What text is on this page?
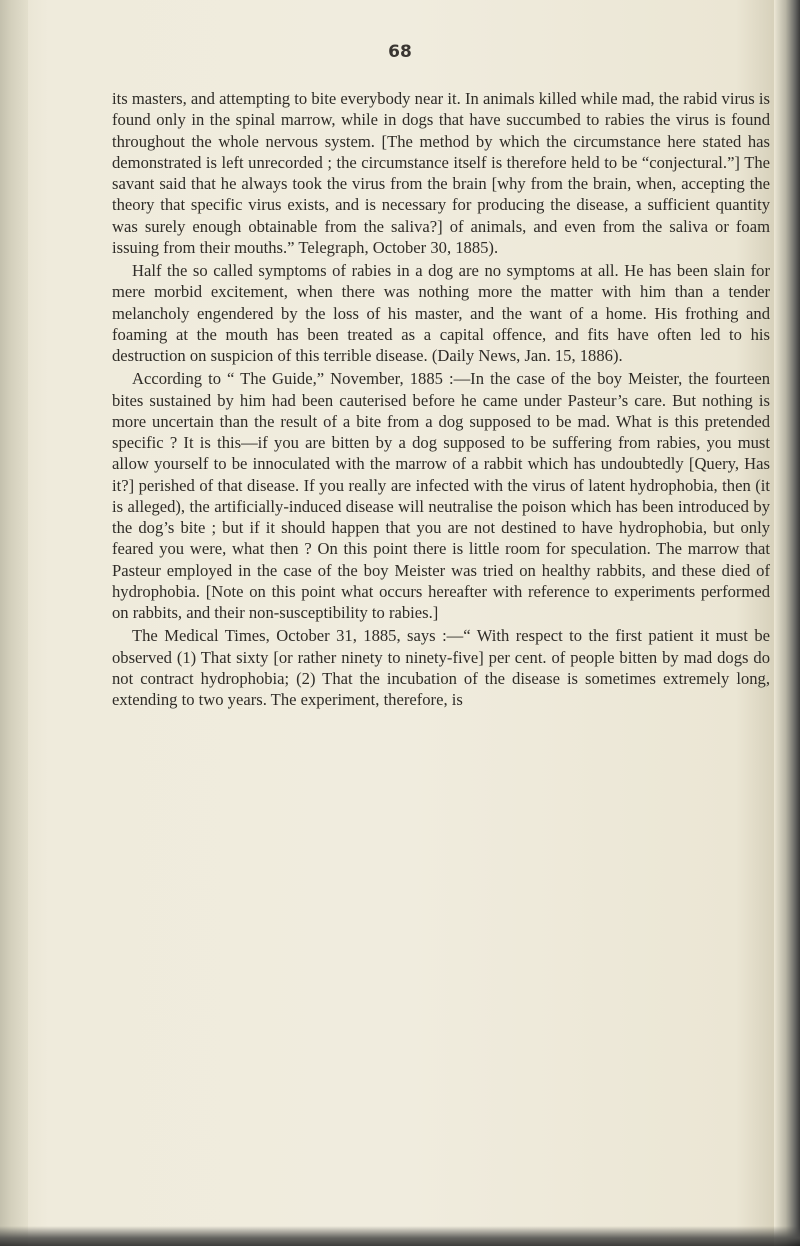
68

its masters, and attempting to bite everybody near it. In animals killed while mad, the rabid virus is found only in the spinal marrow, while in dogs that have succumbed to rabies the virus is found throughout the whole nervous system. [The method by which the circumstance here stated has demonstrated is left unrecorded ; the circumstance itself is therefore held to be “conjectural.”] The savant said that he always took the virus from the brain [why from the brain, when, accepting the theory that specific virus exists, and is necessary for producing the disease, a sufficient quantity was surely enough obtainable from the saliva?] of animals, and even from the saliva or foam issuing from their mouths.” Telegraph, October 30, 1885).

Half the so called symptoms of rabies in a dog are no symptoms at all. He has been slain for mere morbid excitement, when there was nothing more the matter with him than a tender melancholy engendered by the loss of his master, and the want of a home. His frothing and foaming at the mouth has been treated as a capital offence, and fits have often led to his destruction on suspicion of this terrible disease. (Daily News, Jan. 15, 1886).

According to “ The Guide,” November, 1885 :—In the case of the boy Meister, the fourteen bites sustained by him had been cauterised before he came under Pasteur’s care. But nothing is more uncertain than the result of a bite from a dog supposed to be mad. What is this pretended specific ? It is this—if you are bitten by a dog supposed to be suffering from rabies, you must allow yourself to be innoculated with the marrow of a rabbit which has undoubtedly [Query, Has it?] perished of that disease. If you really are infected with the virus of latent hydrophobia, then (it is alleged), the artificially-induced disease will neutralise the poison which has been introduced by the dog’s bite ; but if it should happen that you are not destined to have hydrophobia, but only feared you were, what then ? On this point there is little room for speculation. The marrow that Pasteur employed in the case of the boy Meister was tried on healthy rabbits, and these died of hydrophobia. [Note on this point what occurs hereafter with reference to experiments performed on rabbits, and their non-susceptibility to rabies.]

The Medical Times, October 31, 1885, says :—“ With respect to the first patient it must be observed (1) That sixty [or rather ninety to ninety-five] per cent. of people bitten by mad dogs do not contract hydrophobia; (2) That the incubation of the disease is sometimes extremely long, extending to two years. The experiment, therefore, is
